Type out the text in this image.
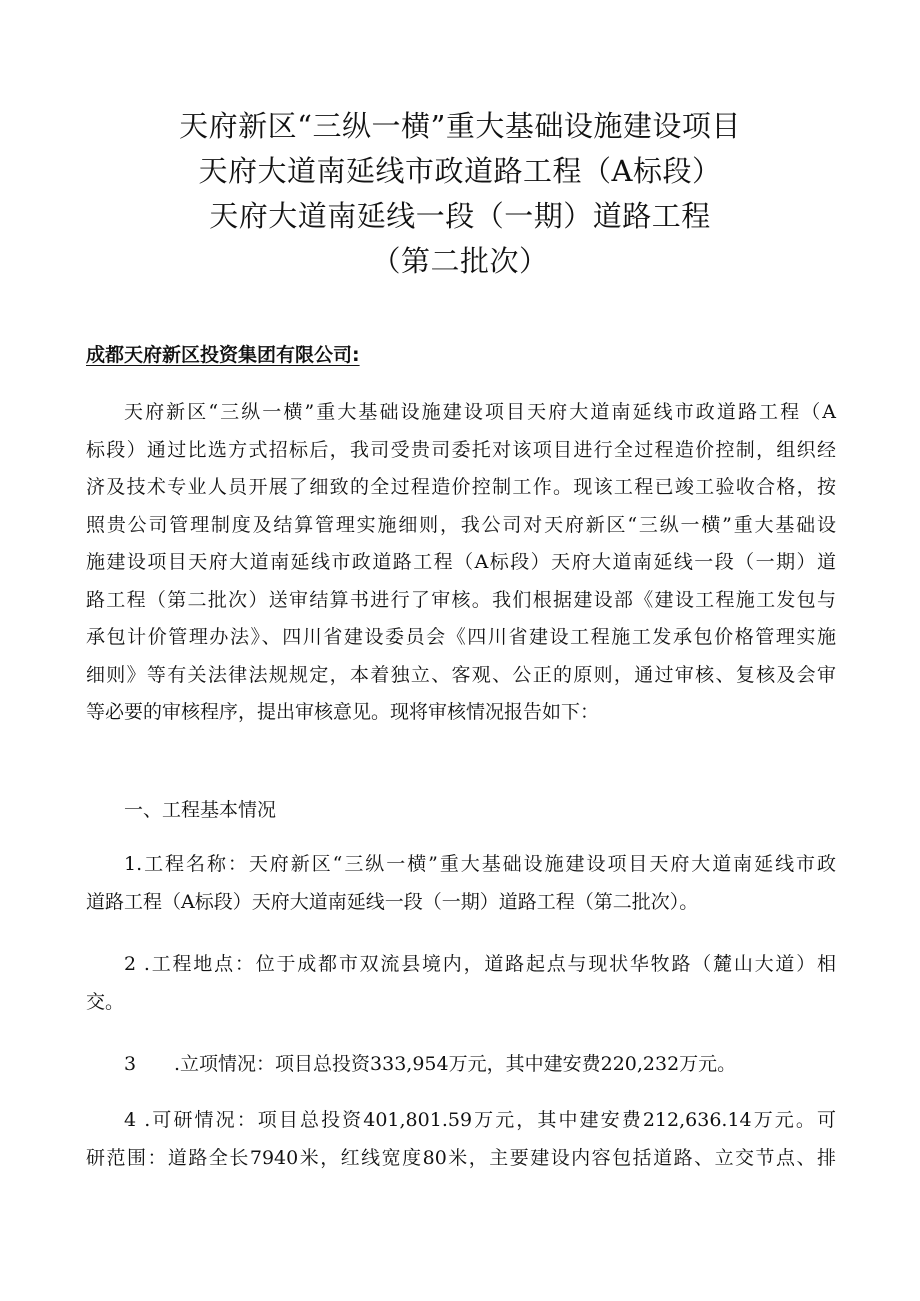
天府新区“三纵一横”重大基础设施建设项目
天府大道南延线市政道路工程（A标段）
天府大道南延线一段（一期）道路工程
（第二批次）
成都天府新区投资集团有限公司:
天府新区“三纵一横”重大基础设施建设项目天府大道南延线市政道路工程（A
标段）通过比选方式招标后，我司受贵司委托对该项目进行全过程造价控制，组织经
济及技术专业人员开展了细致的全过程造价控制工作。现该工程已竣工验收合格，按
照贵公司管理制度及结算管理实施细则，我公司对天府新区“三纵一横”重大基础设
施建设项目天府大道南延线市政道路工程（A标段）天府大道南延线一段（一期）道
路工程（第二批次）送审结算书进行了审核。我们根据建设部《建设工程施工发包与
承包计价管理办法》、四川省建设委员会《四川省建设工程施工发承包价格管理实施
细则》等有关法律法规规定，本着独立、客观、公正的原则，通过审核、复核及会审
等必要的审核程序，提出审核意见。现将审核情况报告如下：
一、工程基本情况
1.工程名称：天府新区“三纵一横”重大基础设施建设项目天府大道南延线市政
道路工程（A标段）天府大道南延线一段（一期）道路工程（第二批次）。
2 .工程地点：位于成都市双流县境内，道路起点与现状华牧路（麓山大道）相
交。
3 .立项情况：项目总投资333,954万元，其中建安费220,232万元。
4 .可研情况：项目总投资401,801.59万元，其中建安费212,636.14万元。可
研范围：道路全长7940米，红线宽度80米，主要建设内容包括道路、立交节点、排
